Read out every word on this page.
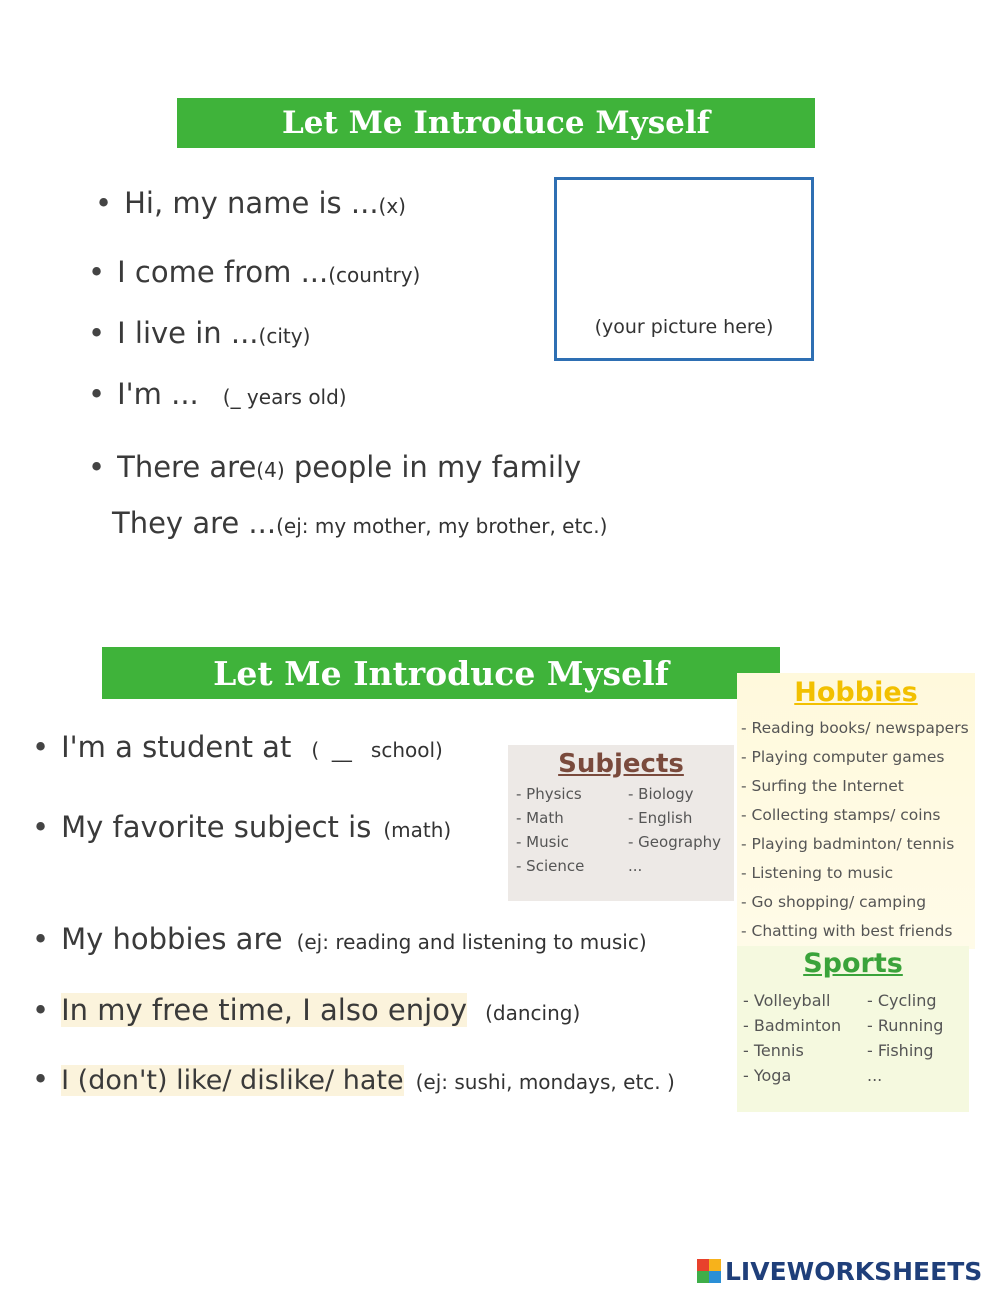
Let Me Introduce Myself
• Hi, my name is ...(x)
• I come from ...(country)
• I live in ...(city)
• I'm ... (_ years old)
• There are(4) people in my family
They are ...(ej: my mother, my brother, etc.)
(your picture here)
Let Me Introduce Myself
• I'm a student at (  __   school)
• My favorite subject is (math)
• My hobbies are (ej: reading and listening to music)
• In my free time, I also enjoy (dancing)
• I (don't) like/ dislike/ hate (ej: sushi, mondays, etc. )
Subjects
- Physics	- Biology
- Math	- English
- Music	- Geography
- Science	...
Hobbies
- Reading books/ newspapers
- Playing computer games
- Surfing the Internet
- Collecting stamps/ coins
- Playing badminton/ tennis
- Listening to music
- Go shopping/ camping
- Chatting with best friends
Sports
- Volleyball	- Cycling
- Badminton	- Running
- Tennis	- Fishing
- Yoga	...
LIVEWORKSHEETS
